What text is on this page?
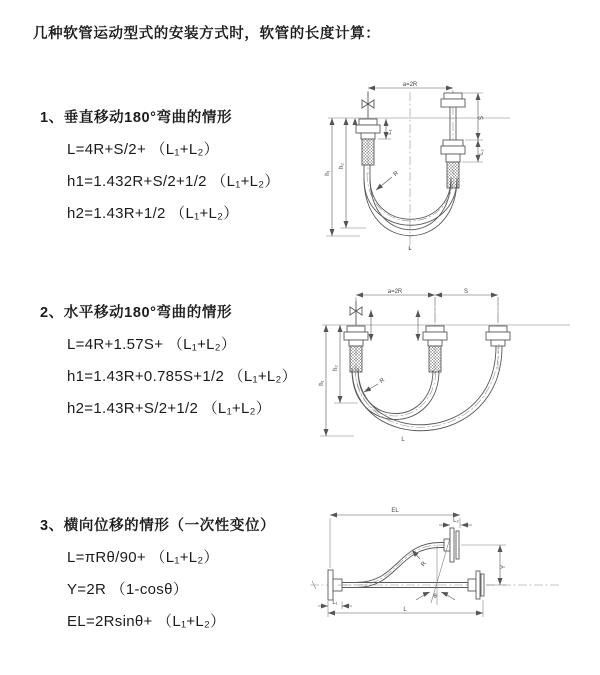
几种软管运动型式的安装方式时，软管的长度计算：
1、垂直移动180°弯曲的情形
L=4R+S/2+ （L₁+L₂）
h1=1.432R+S/2+1/2 （L₁+L₂）
h2=1.43R+1/2 （L₁+L₂）
2、水平移动180°弯曲的情形
L=4R+1.57S+ （L₁+L₂）
h1=1.43R+0.785S+1/2 （L₁+L₂）
h2=1.43R+S/2+1/2 （L₁+L₂）
3、横向位移的情形（一次性变位）
L=πRθ/90+ （L₁+L₂）
Y=2R （1-cosθ）
EL=2Rsinθ+ （L₁+L₂）
a=2R
L₁
S
L₂
h₁
h₂
R
L
a=2R	S
h₁
h₂
R
L
EL
L₂
Y
θ
R
L₁
L
